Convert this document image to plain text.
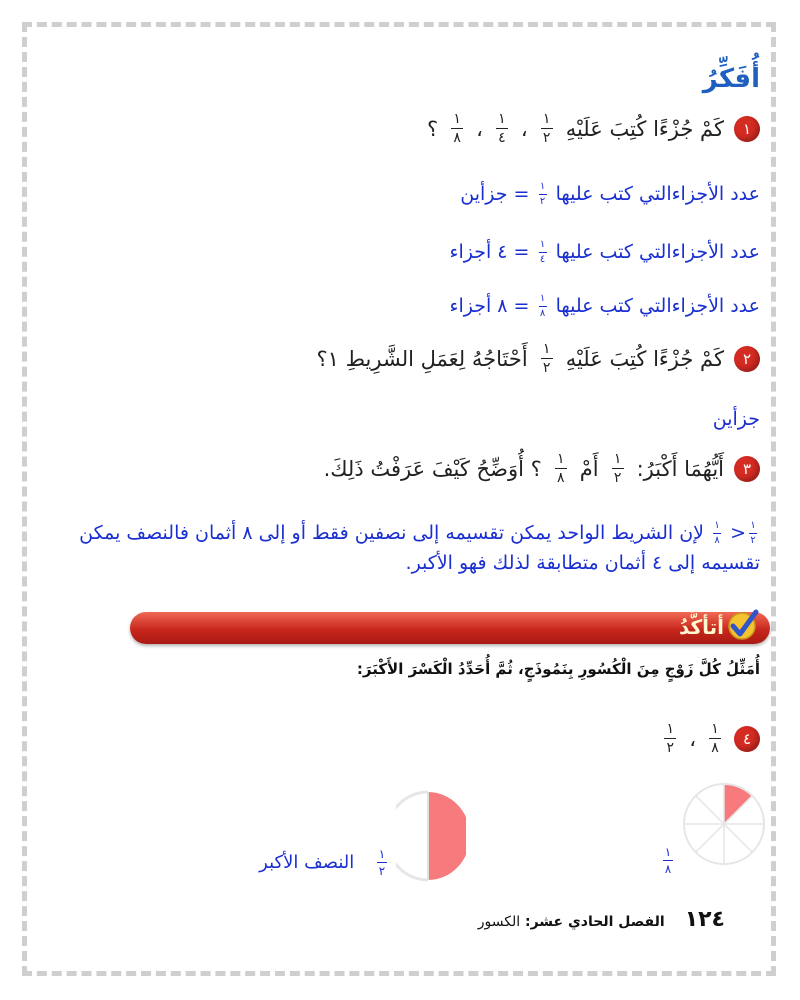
أُفَكِّرُ
١
كَمْ جُزْءًا كُتِبَ عَلَيْهِ
$\frac{١}{٢}$
،
$\frac{١}{٤}$
،
$\frac{١}{٨}$
؟
عدد الأجزاءالتي كتب عليها
$\frac{١}{٢}$
= جزأين
عدد الأجزاءالتي كتب عليها
$\frac{١}{٤}$
= ٤ أجزاء
عدد الأجزاءالتي كتب عليها
$\frac{١}{٨}$
= ٨ أجزاء
٢
كَمْ جُزْءًا كُتِبَ عَلَيْهِ
$\frac{١}{٢}$
أَحْتَاجُهُ لِعَمَلِ الشَّرِيطِ ١؟
جزأين
٣
أَيُّهُمَا أَكْبَرُ:
$\frac{١}{٢}$
أَمْ
$\frac{١}{٨}$
؟ أُوَضِّحُ كَيْفَ عَرَفْتُ ذَلِكَ.
$\frac{١}{٢}$
<
$\frac{١}{٨}$
لإن الشريط الواحد يمكن تقسيمه إلى نصفين فقط أو إلى ٨ أثمان فالنصف يمكن
تقسيمه إلى ٤ أثمان متطابقة لذلك فهو الأكبر.
أتأكَّدُ
أُمَثِّلُ كُلَّ زَوْجٍ مِنَ الْكُسُورِ بِنَمُوذَجٍ، ثُمَّ أُحَدِّدُ الْكَسْرَ الأَكْبَرَ:
٤
$\frac{١}{٨}$
،
$\frac{١}{٢}$
$\frac{١}{٨}$
$\frac{١}{٢}$
النصف الأكبر
١٢٤
الفصل الحادي عشر: الكسور
